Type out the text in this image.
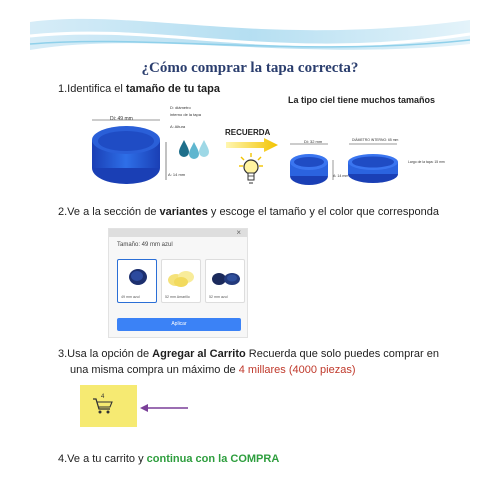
¿Cómo comprar la tapa correcta?
1.Identifica el tamaño de tu tapa
La tipo ciel tiene muchos tamaños
Di: 49 mm
A: 14 mm
D: diámetro
interno de la tapa
A: Altura
RECUERDA
Di: 32 mm
A: 14 mm
DIÁMETRO INTERNO: 65 mm
Largo de la tapa: 15 mm
2.Ve a la sección de variantes y escoge el tamaño y el color que corresponda
×
Tamaño: 49 mm azul
49 mm azul	52 mm Amarillo	52 mm azul
Aplicar
3.Usa la opción de Agregar al Carrito Recuerda que solo puedes comprar en
una misma compra un máximo de 4 millares (4000 piezas)
4
4.Ve a tu carrito y continua con la COMPRA
